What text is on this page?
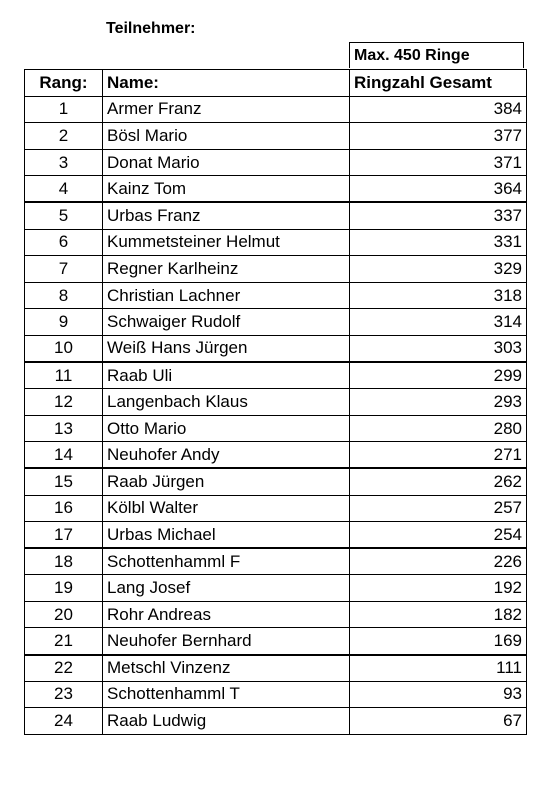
Teilnehmer:
Max. 450 Ringe
Rang:	Name:	Ringzahl Gesamt
1	Armer Franz	384
2	Bösl Mario	377
3	Donat Mario	371
4	Kainz Tom	364
5	Urbas Franz	337
6	Kummetsteiner Helmut	331
7	Regner Karlheinz	329
8	Christian Lachner	318
9	Schwaiger Rudolf	314
10	Weiß Hans Jürgen	303
11	Raab Uli	299
12	Langenbach Klaus	293
13	Otto Mario	280
14	Neuhofer Andy	271
15	Raab Jürgen	262
16	Kölbl Walter	257
17	Urbas Michael	254
18	Schottenhamml F	226
19	Lang Josef	192
20	Rohr Andreas	182
21	Neuhofer Bernhard	169
22	Metschl Vinzenz	111
23	Schottenhamml T	93
24	Raab Ludwig	67
